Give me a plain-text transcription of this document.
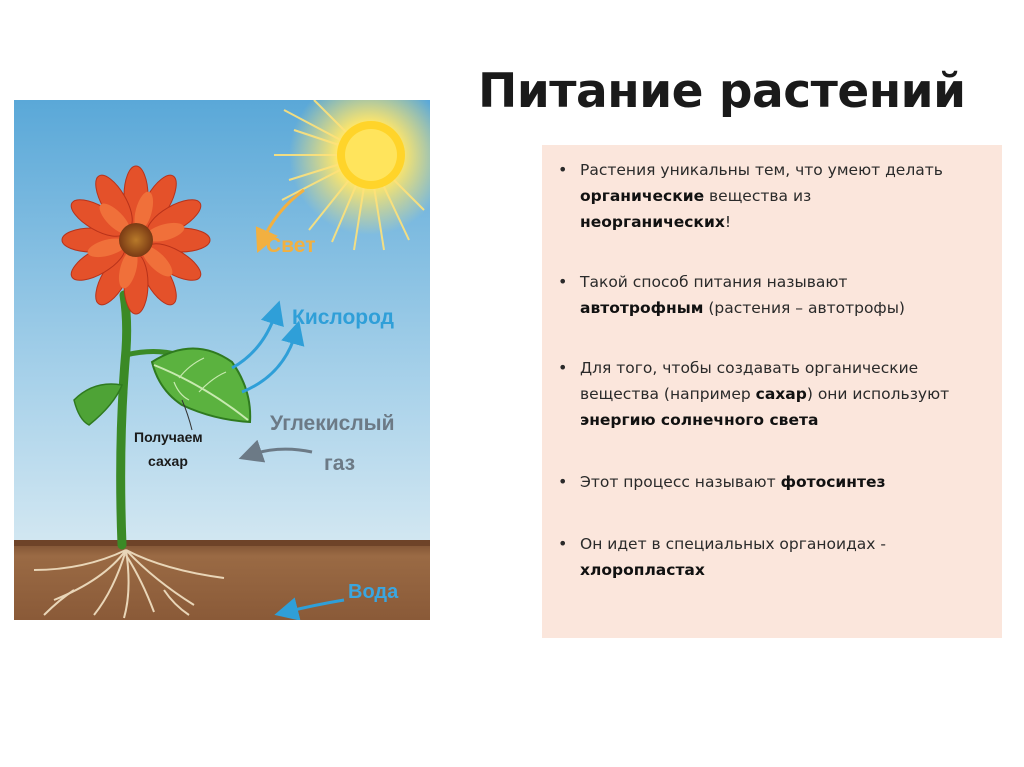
Питание растений
Свет
Вода
Кислород
Углекислый
газ
Получаем
сахар
• Растения уникальны тем, что умеют делать органические вещества из
неорганических!
• Такой способ питания называют
автотрофным (растения – автотрофы)
• Для того, чтобы создавать органические вещества (например сахар) они используют энергию солнечного света
• Этот процесс называют фотосинтез
• Он идет в специальных органоидах -
хлоропластах
